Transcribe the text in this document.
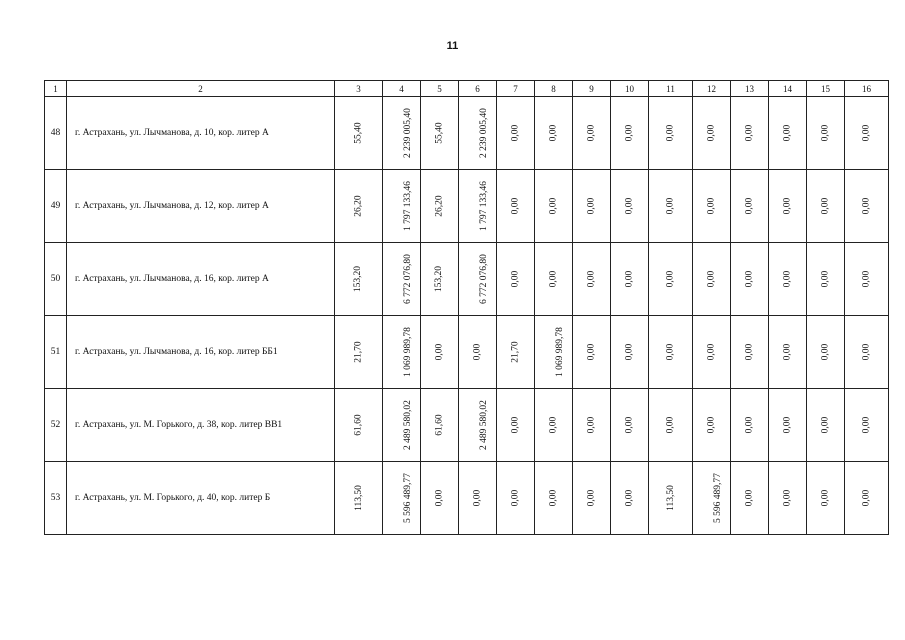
11
1	2	3	4	5	6	7	8	9	10	11	12	13	14	15	16
48	г. Астрахань, ул. Лычманова, д. 10, кор. литер А	55,40	2 239 005,40	55,40	2 239 005,40	0,00	0,00	0,00	0,00	0,00	0,00	0,00	0,00	0,00	0,00
49	г. Астрахань, ул. Лычманова, д. 12, кор. литер А	26,20	1 797 133,46	26,20	1 797 133,46	0,00	0,00	0,00	0,00	0,00	0,00	0,00	0,00	0,00	0,00
50	г. Астрахань, ул. Лычманова, д. 16, кор. литер А	153,20	6 772 076,80	153,20	6 772 076,80	0,00	0,00	0,00	0,00	0,00	0,00	0,00	0,00	0,00	0,00
51	г. Астрахань, ул. Лычманова, д. 16, кор. литер ББ1	21,70	1 069 989,78	0,00	0,00	21,70	1 069 989,78	0,00	0,00	0,00	0,00	0,00	0,00	0,00	0,00
52	г. Астрахань, ул. М. Горького, д. 38, кор. литер ВВ1	61,60	2 489 580,02	61,60	2 489 580,02	0,00	0,00	0,00	0,00	0,00	0,00	0,00	0,00	0,00	0,00
53	г. Астрахань, ул. М. Горького, д. 40, кор. литер Б	113,50	5 596 489,77	0,00	0,00	0,00	0,00	0,00	0,00	113,50	5 596 489,77	0,00	0,00	0,00	0,00
